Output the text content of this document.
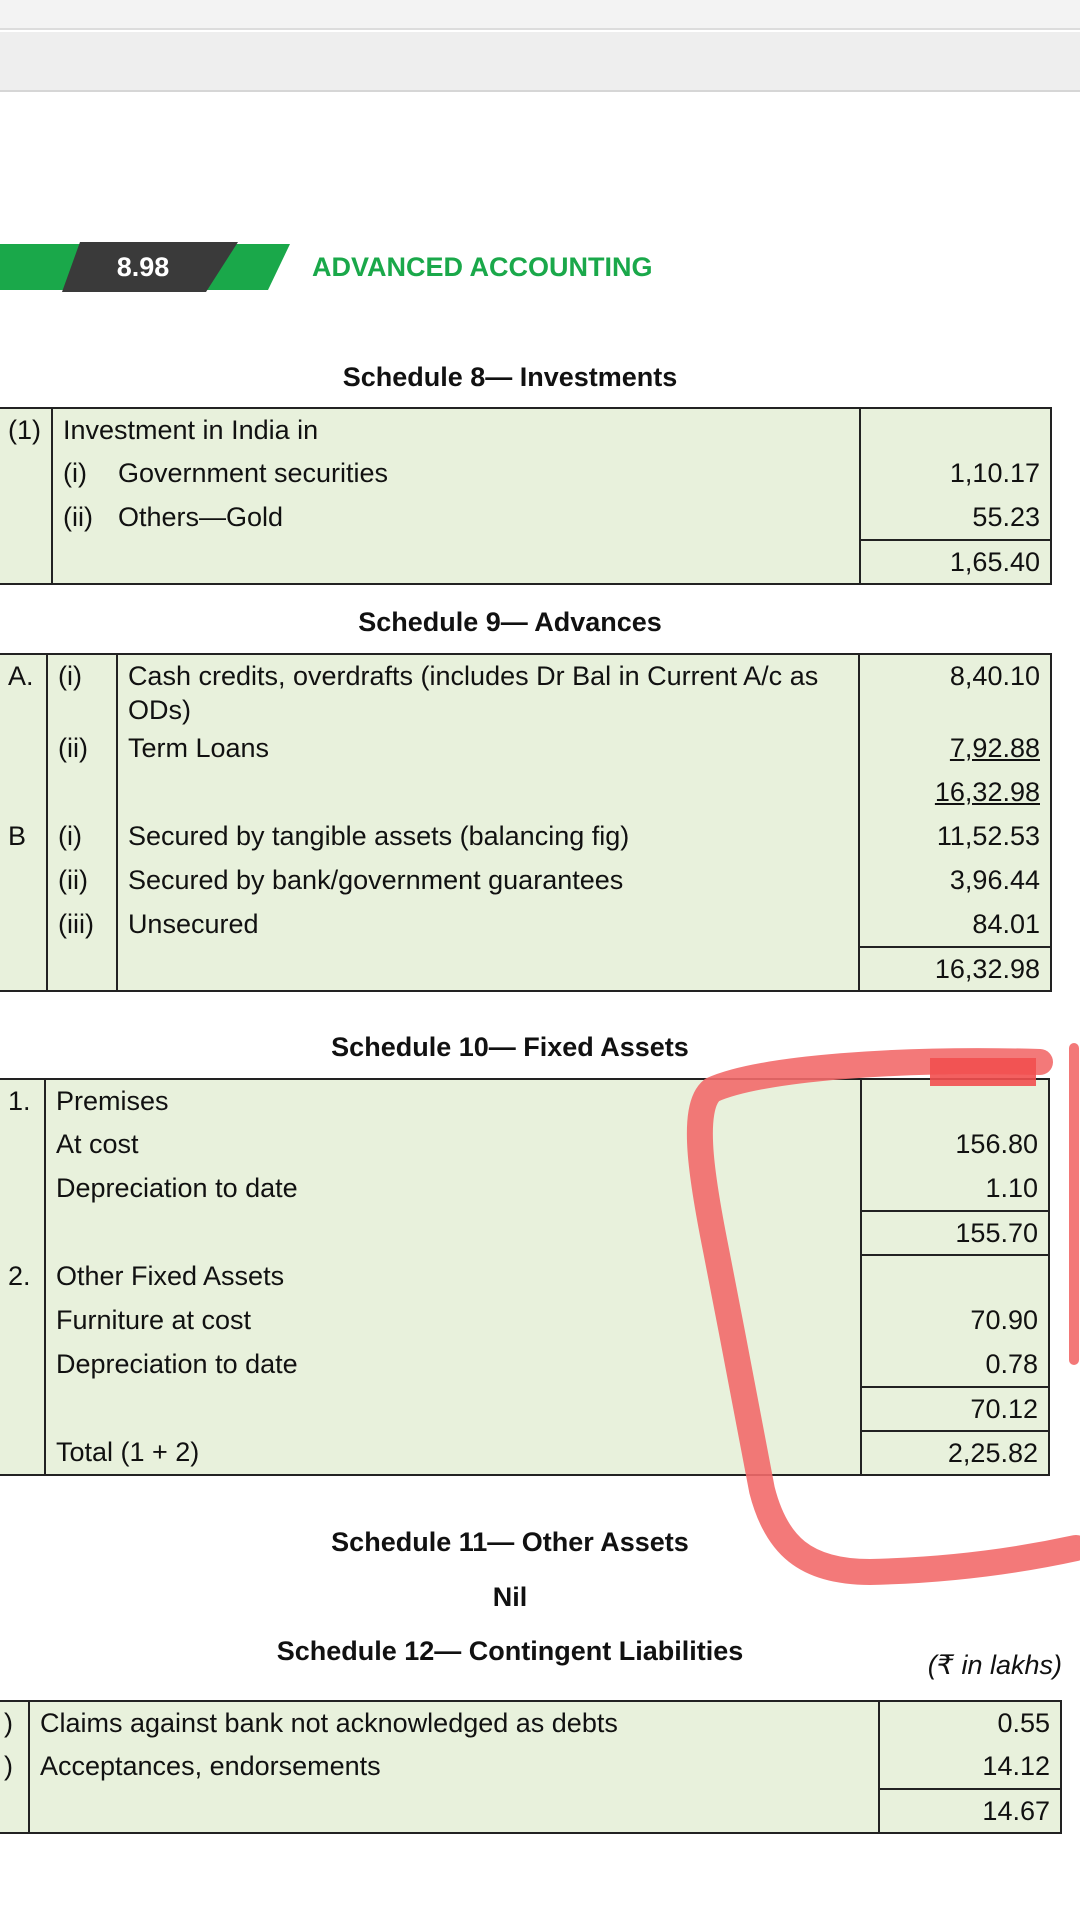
8.98	ADVANCED ACCOUNTING
Schedule 8— Investments
(1)	Investment in India in		
	(i)	Government securities	1,10.17
	(ii)	Others—Gold	55.23
			1,65.40
Schedule 9— Advances
A.	(i)	Cash credits, overdrafts (includes Dr Bal in Current A/c as ODs)	8,40.10
	(ii)	Term Loans	7,92.88
			16,32.98
B	(i)	Secured by tangible assets (balancing fig)	11,52.53
	(ii)	Secured by bank/government guarantees	3,96.44
	(iii)	Unsecured	84.01
			16,32.98
Schedule 10— Fixed Assets
1.	Premises	
	At cost	156.80
	Depreciation to date	1.10
		155.70
2.	Other Fixed Assets	
	Furniture at cost	70.90
	Depreciation to date	0.78
		70.12
	Total (1 + 2)	2,25.82
Schedule 11— Other Assets
Nil
Schedule 12— Contingent Liabilities	(₹ in lakhs)
)	Claims against bank not acknowledged as debts	0.55
)	Acceptances, endorsements	14.12
		14.67
